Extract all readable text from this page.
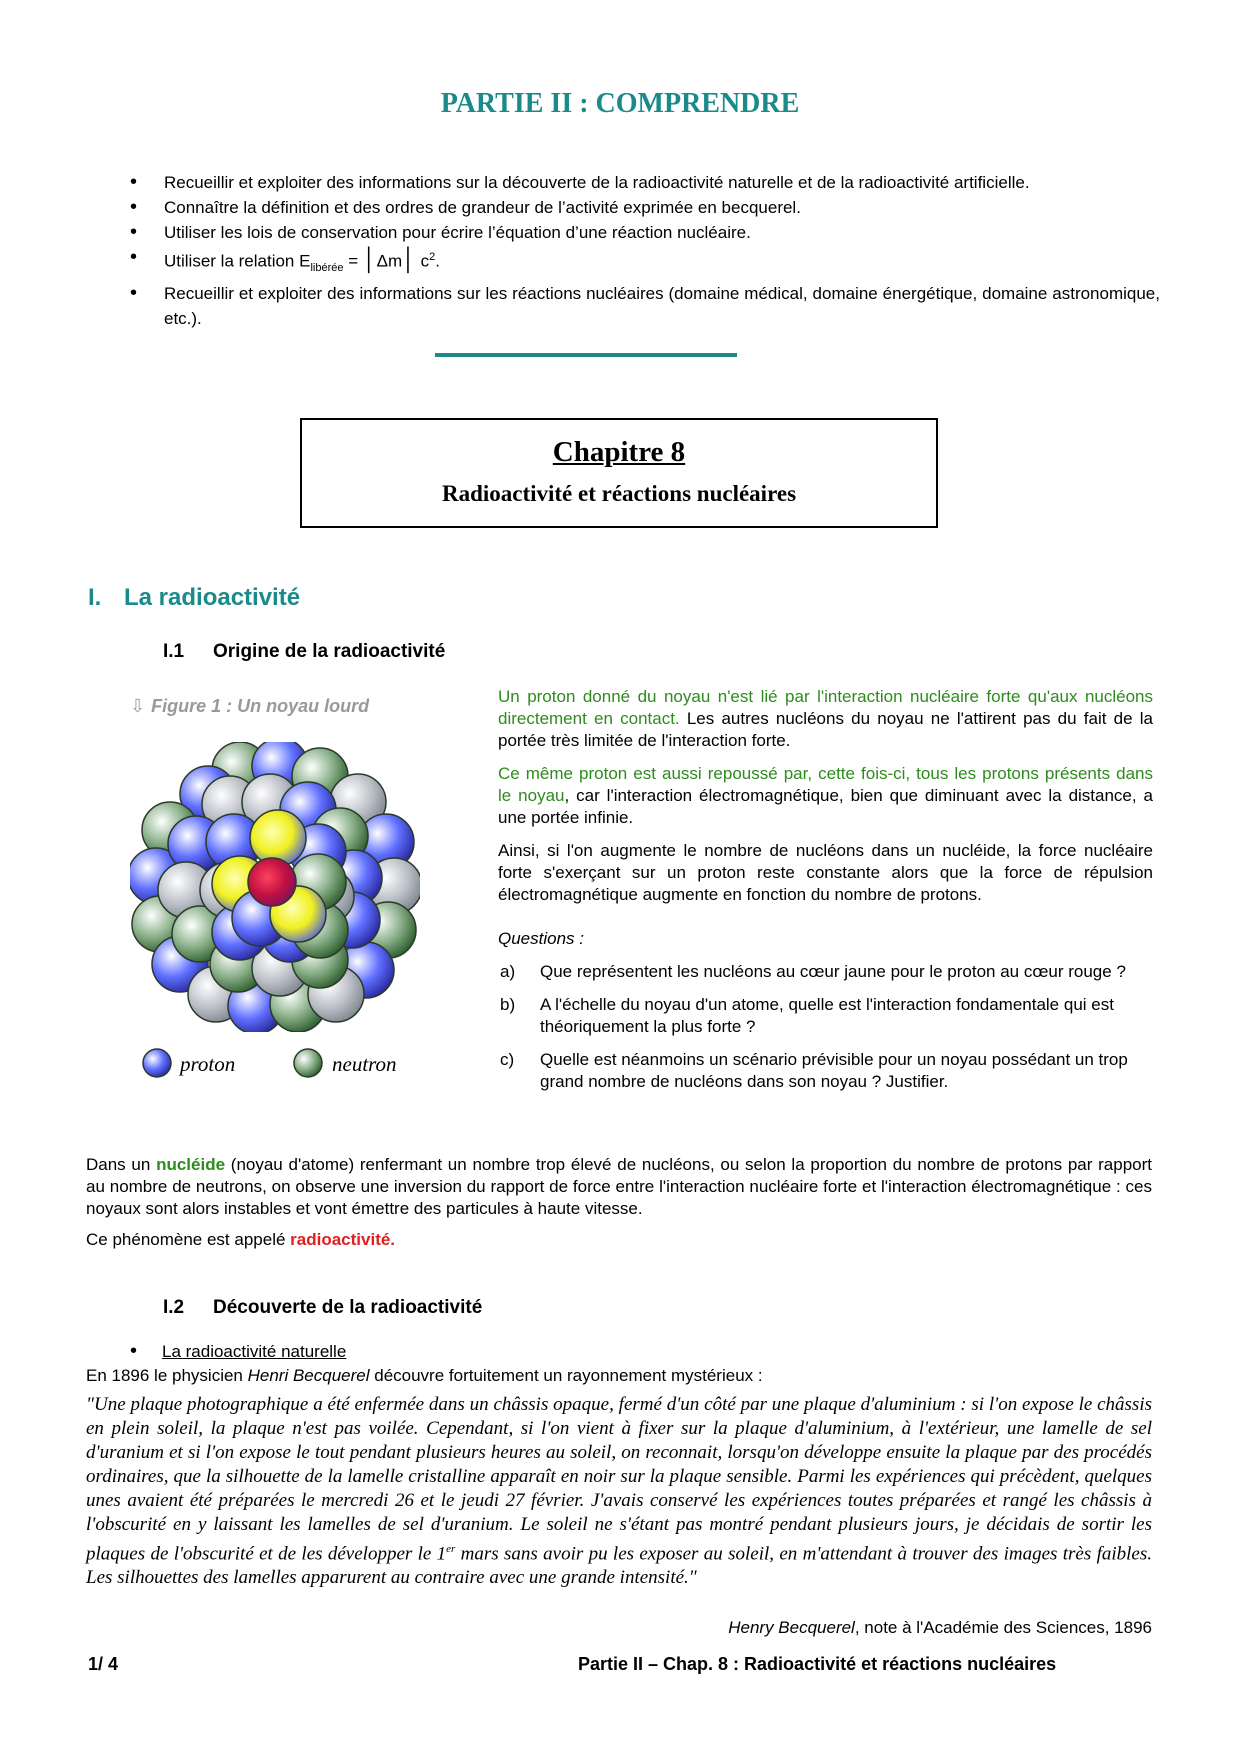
PARTIE II : COMPRENDRE
• Recueillir et exploiter des informations sur la découverte de la radioactivité naturelle et de la radioactivité artificielle.
• Connaître la définition et des ordres de grandeur de l’activité exprimée en becquerel.
• Utiliser les lois de conservation pour écrire l’équation d’une réaction nucléaire.
• Utiliser la relation $E_{libérée}$ = │Δm│ $c^2$.
• Recueillir et exploiter des informations sur les réactions nucléaires (domaine médical, domaine énergétique, domaine astronomique, etc.).
Chapitre 8
Radioactivité et réactions nucléaires
I. La radioactivité
I.1 Origine de la radioactivité
⇩ Figure 1 : Un noyau lourd
proton	neutron

Un proton donné du noyau n'est lié par l'interaction nucléaire forte qu'aux nucléons directement en contact. Les autres nucléons du noyau ne l'attirent pas du fait de la portée très limitée de l'interaction forte.

Ce même proton est aussi repoussé par, cette fois-ci, tous les protons présents dans le noyau, car l'interaction électromagnétique, bien que diminuant avec la distance, a une portée infinie.

Ainsi, si l'on augmente le nombre de nucléons dans un nucléide, la force nucléaire forte s'exerçant sur un proton reste constante alors que la force de répulsion électromagnétique augmente en fonction du nombre de protons.

Questions :

a) Que représentent les nucléons au cœur jaune pour le proton au cœur rouge ?
b) A l'échelle du noyau d'un atome, quelle est l'interaction fondamentale qui est théoriquement la plus forte ?
c) Quelle est néanmoins un scénario prévisible pour un noyau possédant un trop grand nombre de nucléons dans son noyau ? Justifier.

Dans un nucléide (noyau d'atome) renfermant un nombre trop élevé de nucléons, ou selon la proportion du nombre de protons par rapport au nombre de neutrons, on observe une inversion du rapport de force entre l'interaction nucléaire forte et l'interaction électromagnétique : ces noyaux sont alors instables et vont émettre des particules à haute vitesse.

Ce phénomène est appelé radioactivité.

I.2 Découverte de la radioactivité
• La radioactivité naturelle

En 1896 le physicien Henri Becquerel découvre fortuitement un rayonnement mystérieux :

"Une plaque photographique a été enfermée dans un châssis opaque, fermé d'un côté par une plaque d'aluminium : si l'on expose le châssis en plein soleil, la plaque n'est pas voilée. Cependant, si l'on vient à fixer sur la plaque d'aluminium, à l'extérieur, une lamelle de sel d'uranium et si l'on expose le tout pendant plusieurs heures au soleil, on reconnait, lorsqu'on développe ensuite la plaque par des procédés ordinaires, que la silhouette de la lamelle cristalline apparaît en noir sur la plaque sensible. Parmi les expériences qui précèdent, quelques unes avaient été préparées le mercredi 26 et le jeudi 27 février. J'avais conservé les expériences toutes préparées et rangé les châssis à l'obscurité en y laissant les lamelles de sel d'uranium. Le soleil ne s'étant pas montré pendant plusieurs jours, je décidais de sortir les plaques de l'obscurité et de les développer le 1er mars sans avoir pu les exposer au soleil, en m'attendant à trouver des images très faibles. Les silhouettes des lamelles apparurent au contraire avec une grande intensité."

Henry Becquerel, note à l'Académie des Sciences, 1896
1/ 4	Partie II – Chap. 8 : Radioactivité et réactions nucléaires
